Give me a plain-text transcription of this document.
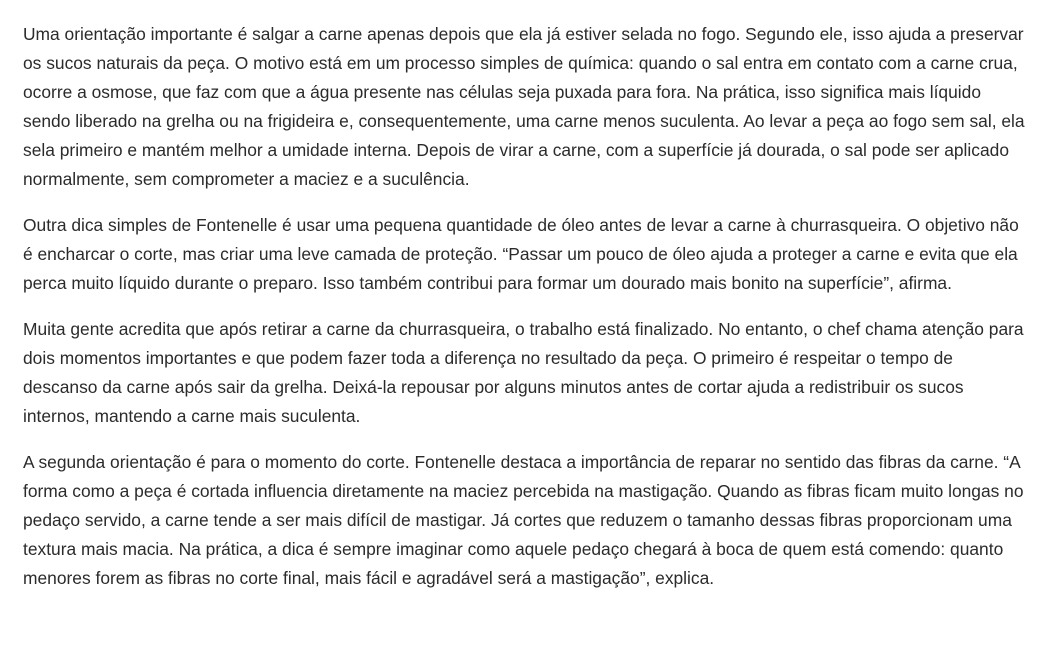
Uma orientação importante é salgar a carne apenas depois que ela já estiver selada no fogo. Segundo ele, isso ajuda a preservar os sucos naturais da peça. O motivo está em um processo simples de química: quando o sal entra em contato com a carne crua, ocorre a osmose, que faz com que a água presente nas células seja puxada para fora. Na prática, isso significa mais líquido sendo liberado na grelha ou na frigideira e, consequentemente, uma carne menos suculenta. Ao levar a peça ao fogo sem sal, ela sela primeiro e mantém melhor a umidade interna. Depois de virar a carne, com a superfície já dourada, o sal pode ser aplicado normalmente, sem comprometer a maciez e a suculência.

Outra dica simples de Fontenelle é usar uma pequena quantidade de óleo antes de levar a carne à churrasqueira. O objetivo não é encharcar o corte, mas criar uma leve camada de proteção. “Passar um pouco de óleo ajuda a proteger a carne e evita que ela perca muito líquido durante o preparo. Isso também contribui para formar um dourado mais bonito na superfície”, afirma.

Muita gente acredita que após retirar a carne da churrasqueira, o trabalho está finalizado. No entanto, o chef chama atenção para dois momentos importantes e que podem fazer toda a diferença no resultado da peça. O primeiro é respeitar o tempo de descanso da carne após sair da grelha. Deixá-la repousar por alguns minutos antes de cortar ajuda a redistribuir os sucos internos, mantendo a carne mais suculenta.

A segunda orientação é para o momento do corte. Fontenelle destaca a importância de reparar no sentido das fibras da carne. “A forma como a peça é cortada influencia diretamente na maciez percebida na mastigação. Quando as fibras ficam muito longas no pedaço servido, a carne tende a ser mais difícil de mastigar. Já cortes que reduzem o tamanho dessas fibras proporcionam uma textura mais macia. Na prática, a dica é sempre imaginar como aquele pedaço chegará à boca de quem está comendo: quanto menores forem as fibras no corte final, mais fácil e agradável será a mastigação”, explica.
